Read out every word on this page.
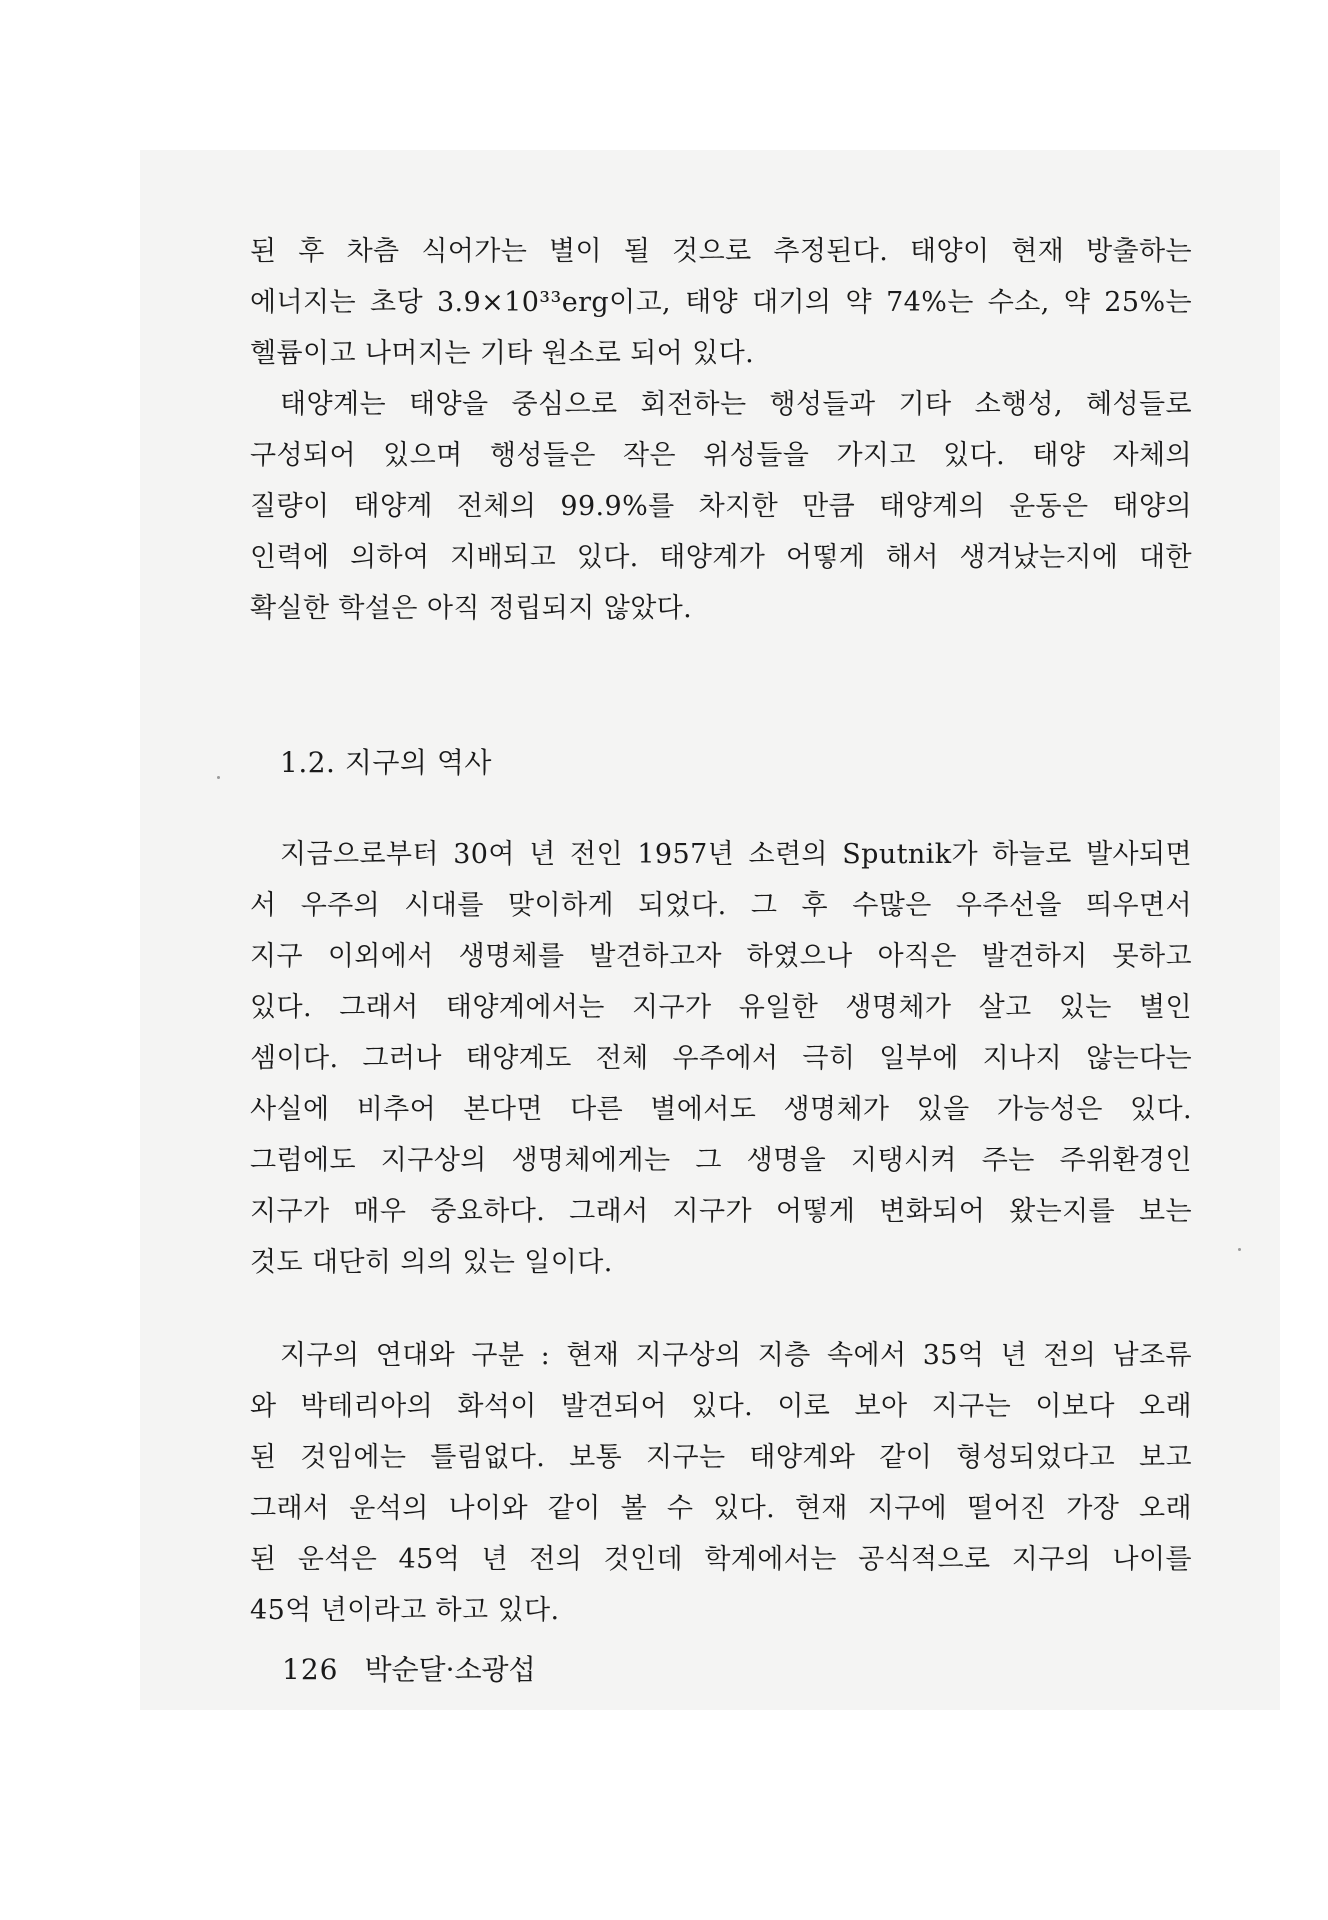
된 후 차츰 식어가는 별이 될 것으로 추정된다. 태양이 현재 방출하는
에너지는 초당 3.9×10³³erg이고, 태양 대기의 약 74%는 수소, 약 25%는
헬륨이고 나머지는 기타 원소로 되어 있다.
태양계는 태양을 중심으로 회전하는 행성들과 기타 소행성, 혜성들로
구성되어 있으며 행성들은 작은 위성들을 가지고 있다. 태양 자체의
질량이 태양계 전체의 99.9%를 차지한 만큼 태양계의 운동은 태양의
인력에 의하여 지배되고 있다. 태양계가 어떻게 해서 생겨났는지에 대한
확실한 학설은 아직 정립되지 않았다.
1.2. 지구의 역사
지금으로부터 30여 년 전인 1957년 소련의 Sputnik가 하늘로 발사되면
서 우주의 시대를 맞이하게 되었다. 그 후 수많은 우주선을 띄우면서
지구 이외에서 생명체를 발견하고자 하였으나 아직은 발견하지 못하고
있다. 그래서 태양계에서는 지구가 유일한 생명체가 살고 있는 별인
셈이다. 그러나 태양계도 전체 우주에서 극히 일부에 지나지 않는다는
사실에 비추어 본다면 다른 별에서도 생명체가 있을 가능성은 있다.
그럼에도 지구상의 생명체에게는 그 생명을 지탱시켜 주는 주위환경인
지구가 매우 중요하다. 그래서 지구가 어떻게 변화되어 왔는지를 보는
것도 대단히 의의 있는 일이다.
지구의 연대와 구분 : 현재 지구상의 지층 속에서 35억 년 전의 남조류
와 박테리아의 화석이 발견되어 있다. 이로 보아 지구는 이보다 오래
된 것임에는 틀림없다. 보통 지구는 태양계와 같이 형성되었다고 보고
그래서 운석의 나이와 같이 볼 수 있다. 현재 지구에 떨어진 가장 오래
된 운석은 45억 년 전의 것인데 학계에서는 공식적으로 지구의 나이를
45억 년이라고 하고 있다.
126 박순달·소광섭
